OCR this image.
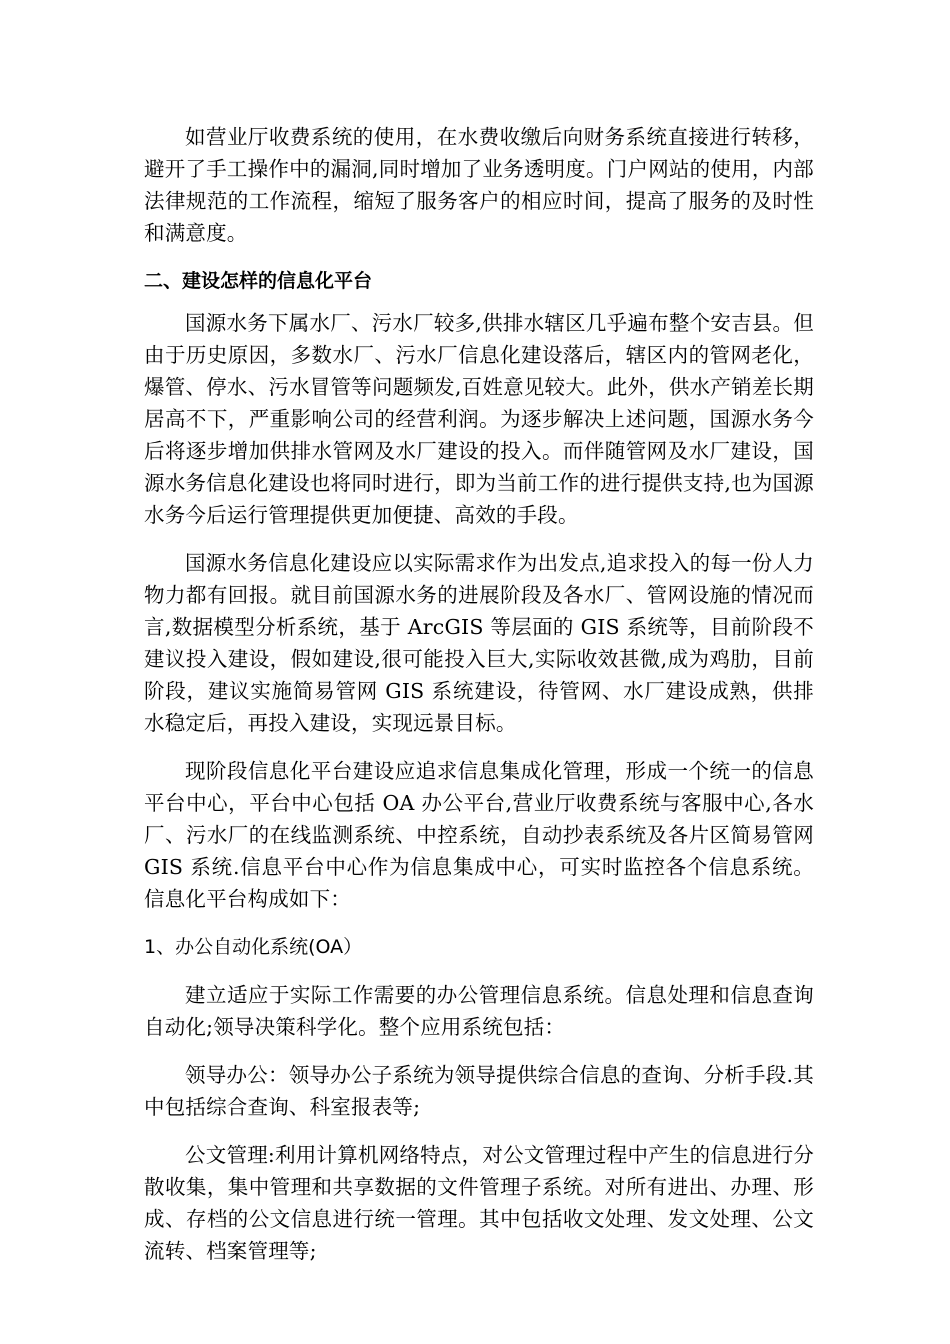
如营业厅收费系统的使用，在水费收缴后向财务系统直接进行转移，避开了手工操作中的漏洞,同时增加了业务透明度。门户网站的使用，内部法律规范的工作流程，缩短了服务客户的相应时间，提高了服务的及时性和满意度。

二、建设怎样的信息化平台

国源水务下属水厂、污水厂较多,供排水辖区几乎遍布整个安吉县。但由于历史原因，多数水厂、污水厂信息化建设落后，辖区内的管网老化，爆管、停水、污水冒管等问题频发,百姓意见较大。此外，供水产销差长期居高不下，严重影响公司的经营利润。为逐步解决上述问题，国源水务今后将逐步增加供排水管网及水厂建设的投入。而伴随管网及水厂建设，国源水务信息化建设也将同时进行，即为当前工作的进行提供支持,也为国源水务今后运行管理提供更加便捷、高效的手段。

国源水务信息化建设应以实际需求作为出发点,追求投入的每一份人力物力都有回报。就目前国源水务的进展阶段及各水厂、管网设施的情况而言,数据模型分析系统，基于 ArcGIS 等层面的 GIS 系统等，目前阶段不建议投入建设，假如建设,很可能投入巨大,实际收效甚微,成为鸡肋，目前阶段，建议实施简易管网 GIS 系统建设，待管网、水厂建设成熟，供排水稳定后，再投入建设，实现远景目标。

现阶段信息化平台建设应追求信息集成化管理，形成一个统一的信息平台中心，平台中心包括 OA 办公平台,营业厅收费系统与客服中心,各水厂、污水厂的在线监测系统、中控系统，自动抄表系统及各片区简易管网 GIS 系统.信息平台中心作为信息集成中心，可实时监控各个信息系统。信息化平台构成如下：

1、办公自动化系统(OA）

建立适应于实际工作需要的办公管理信息系统。信息处理和信息查询自动化;领导决策科学化。整个应用系统包括：

领导办公：领导办公子系统为领导提供综合信息的查询、分析手段.其中包括综合查询、科室报表等;

公文管理:利用计算机网络特点，对公文管理过程中产生的信息进行分散收集，集中管理和共享数据的文件管理子系统。对所有进出、办理、形成、存档的公文信息进行统一管理。其中包括收文处理、发文处理、公文流转、档案管理等;
